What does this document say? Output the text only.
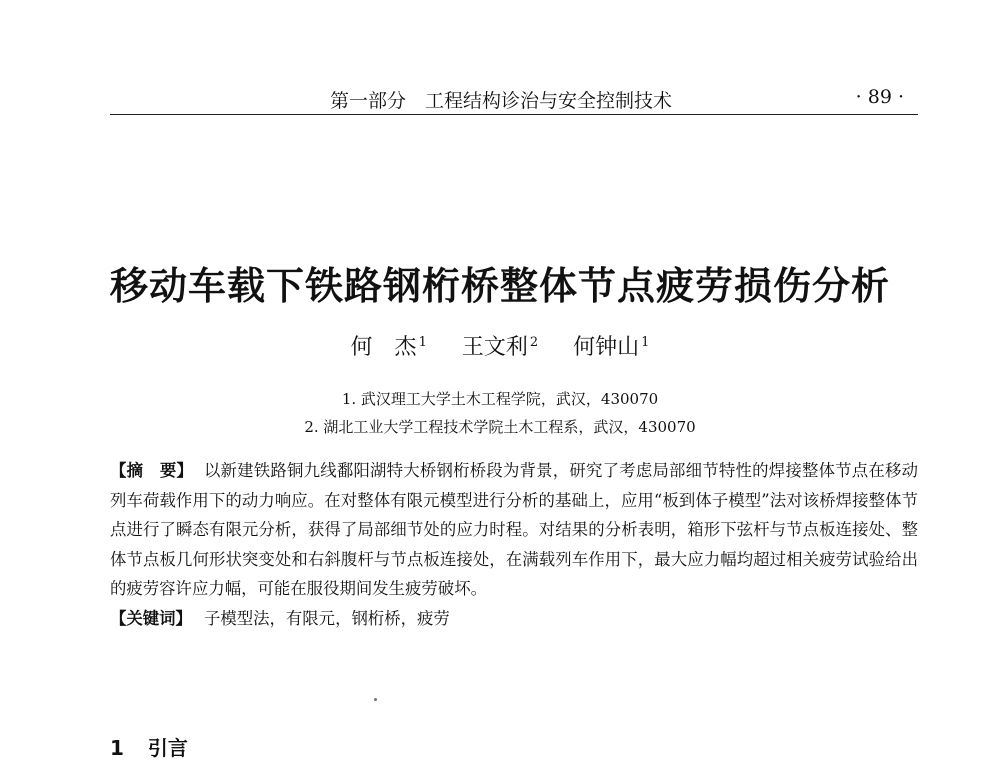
第一部分　工程结构诊治与安全控制技术	· 89 ·
移动车载下铁路钢桁桥整体节点疲劳损伤分析
何　杰 $^1$ 王文利 $^2$ 何钟山 $^1$
1. 武汉理工大学土木工程学院，武汉，430070
2. 湖北工业大学工程技术学院土木工程系，武汉，430070

【摘　要】 以新建铁路铜九线鄱阳湖特大桥钢桁桥段为背景，研究了考虑局部细节特性的焊接整体节点在移动列车荷载作用下的动力响应。在对整体有限元模型进行分析的基础上，应用“板到体子模型”法对该桥焊接整体节点进行了瞬态有限元分析，获得了局部细节处的应力时程。对结果的分析表明，箱形下弦杆与节点板连接处、整体节点板几何形状突变处和右斜腹杆与节点板连接处，在满载列车作用下，最大应力幅均超过相关疲劳试验给出的疲劳容许应力幅，可能在服役期间发生疲劳破坏。

【关键词】 子模型法，有限元，钢桁桥，疲劳

1 引言
